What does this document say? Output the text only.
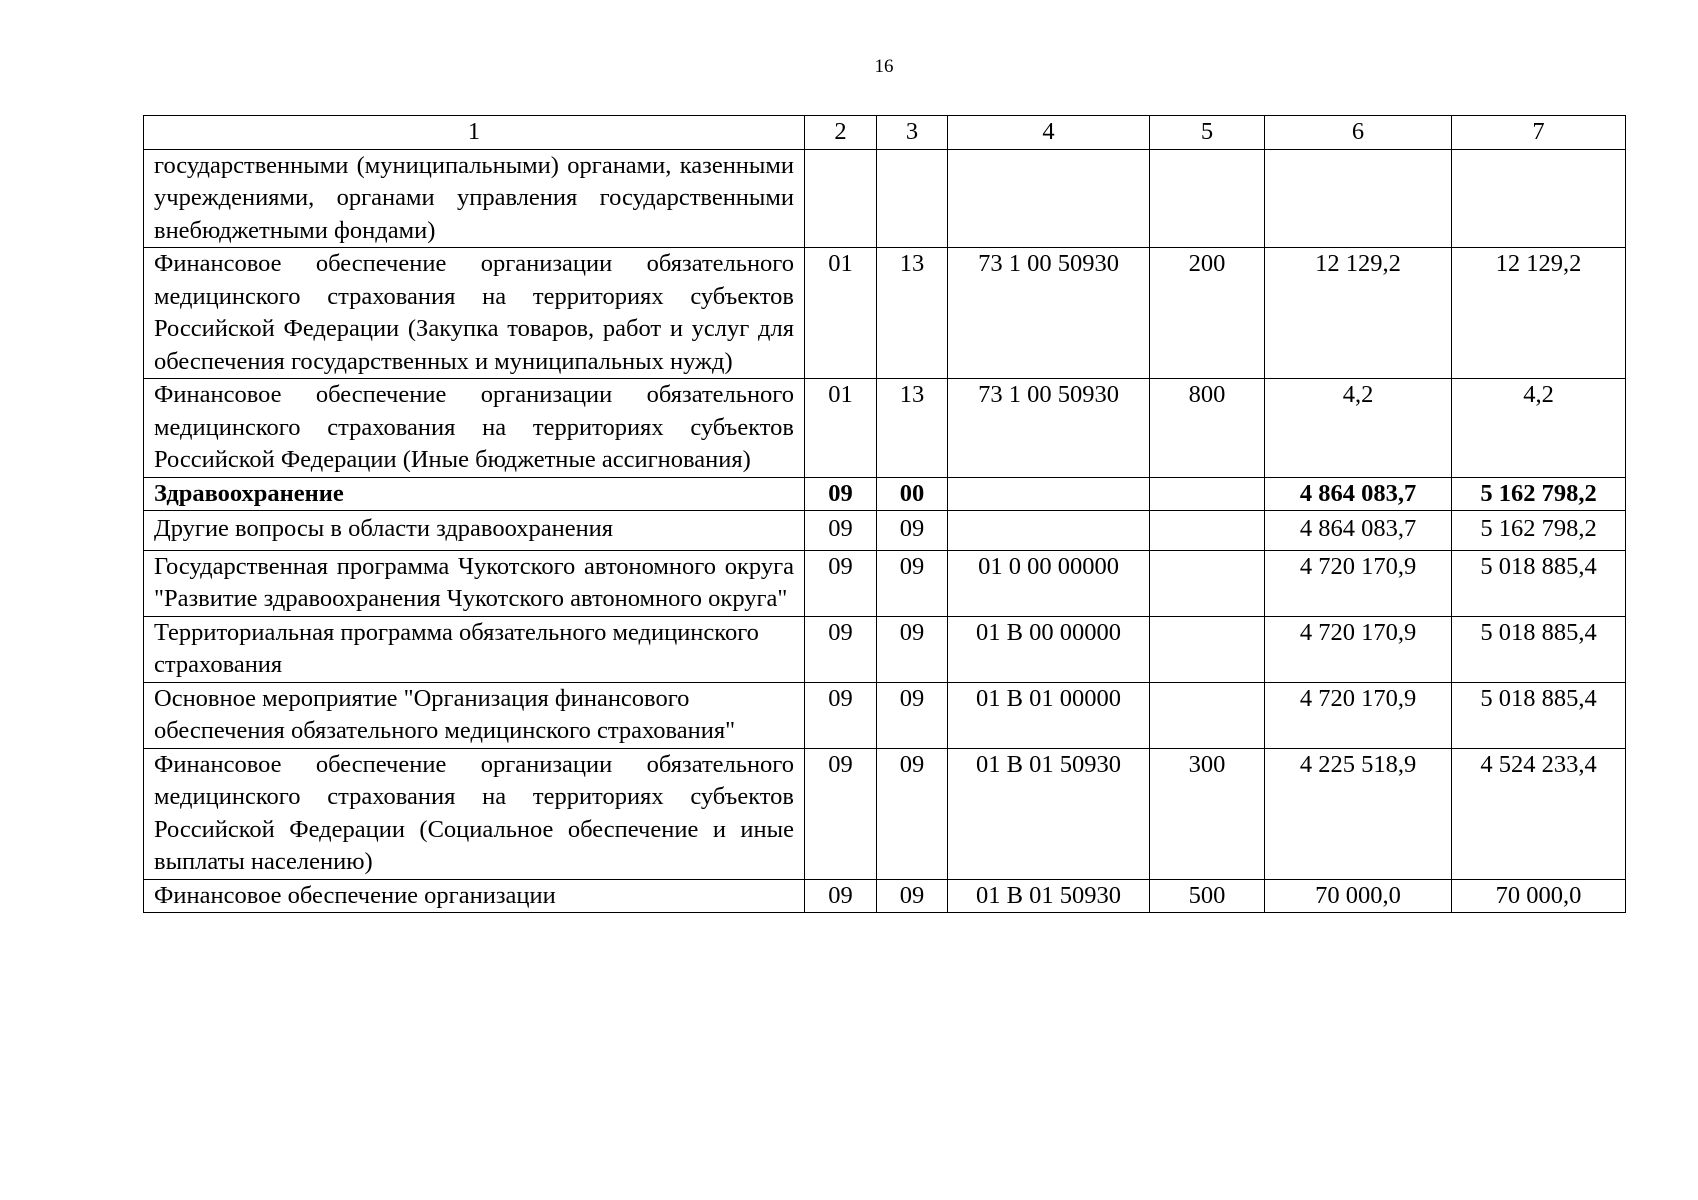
16
1	2	3	4	5	6	7
государственными (муниципальными) органами, казенными учреждениями, органами управления государственными внебюджетными фондами)						
Финансовое обеспечение организации обязательного медицинского страхования на территориях субъектов Российской Федерации (Закупка товаров, работ и услуг для обеспечения государственных и муниципальных нужд)	01	13	73 1 00 50930	200	12 129,2	12 129,2
Финансовое обеспечение организации обязательного медицинского страхования на территориях субъектов Российской Федерации (Иные бюджетные ассигнования)	01	13	73 1 00 50930	800	4,2	4,2
Здравоохранение	09	00			4 864 083,7	5 162 798,2
Другие вопросы в области здравоохранения	09	09			4 864 083,7	5 162 798,2
Государственная программа Чукотского автономного округа "Развитие здравоохранения Чукотского автономного округа"	09	09	01 0 00 00000		4 720 170,9	5 018 885,4
Территориальная программа обязательного медицинского страхования	09	09	01 В 00 00000		4 720 170,9	5 018 885,4
Основное мероприятие "Организация финансового обеспечения обязательного медицинского страхования"	09	09	01 В 01 00000		4 720 170,9	5 018 885,4
Финансовое обеспечение организации обязательного медицинского страхования на территориях субъектов Российской Федерации (Социальное обеспечение и иные выплаты населению)	09	09	01 В 01 50930	300	4 225 518,9	4 524 233,4
Финансовое обеспечение организации	09	09	01 В 01 50930	500	70 000,0	70 000,0
